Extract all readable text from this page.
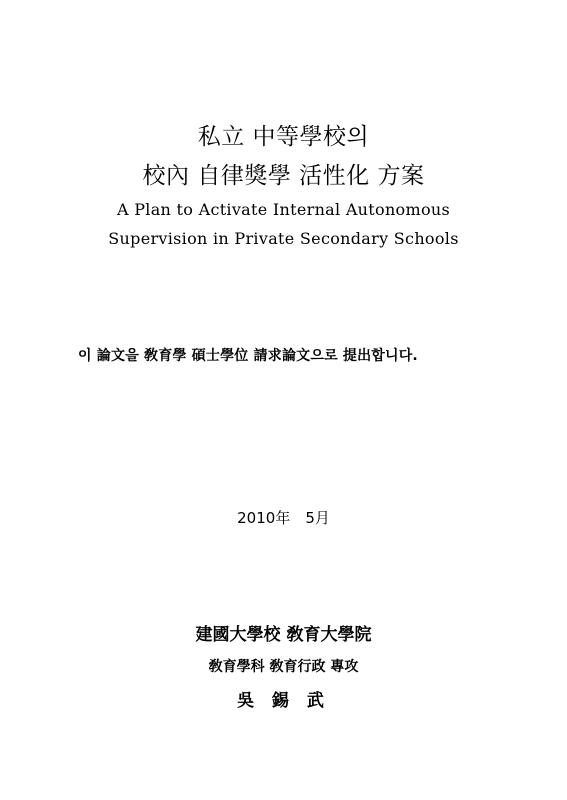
私立 中等學校의
校內 自律獎學 活性化 方案
A Plan to Activate Internal Autonomous
Supervision in Private Secondary Schools
이 論文을 敎育學 碩士學位 請求論文으로 提出합니다.
2010年　5月
建國大學校 敎育大學院
敎育學科 敎育行政 專攻
吳 錫 武
